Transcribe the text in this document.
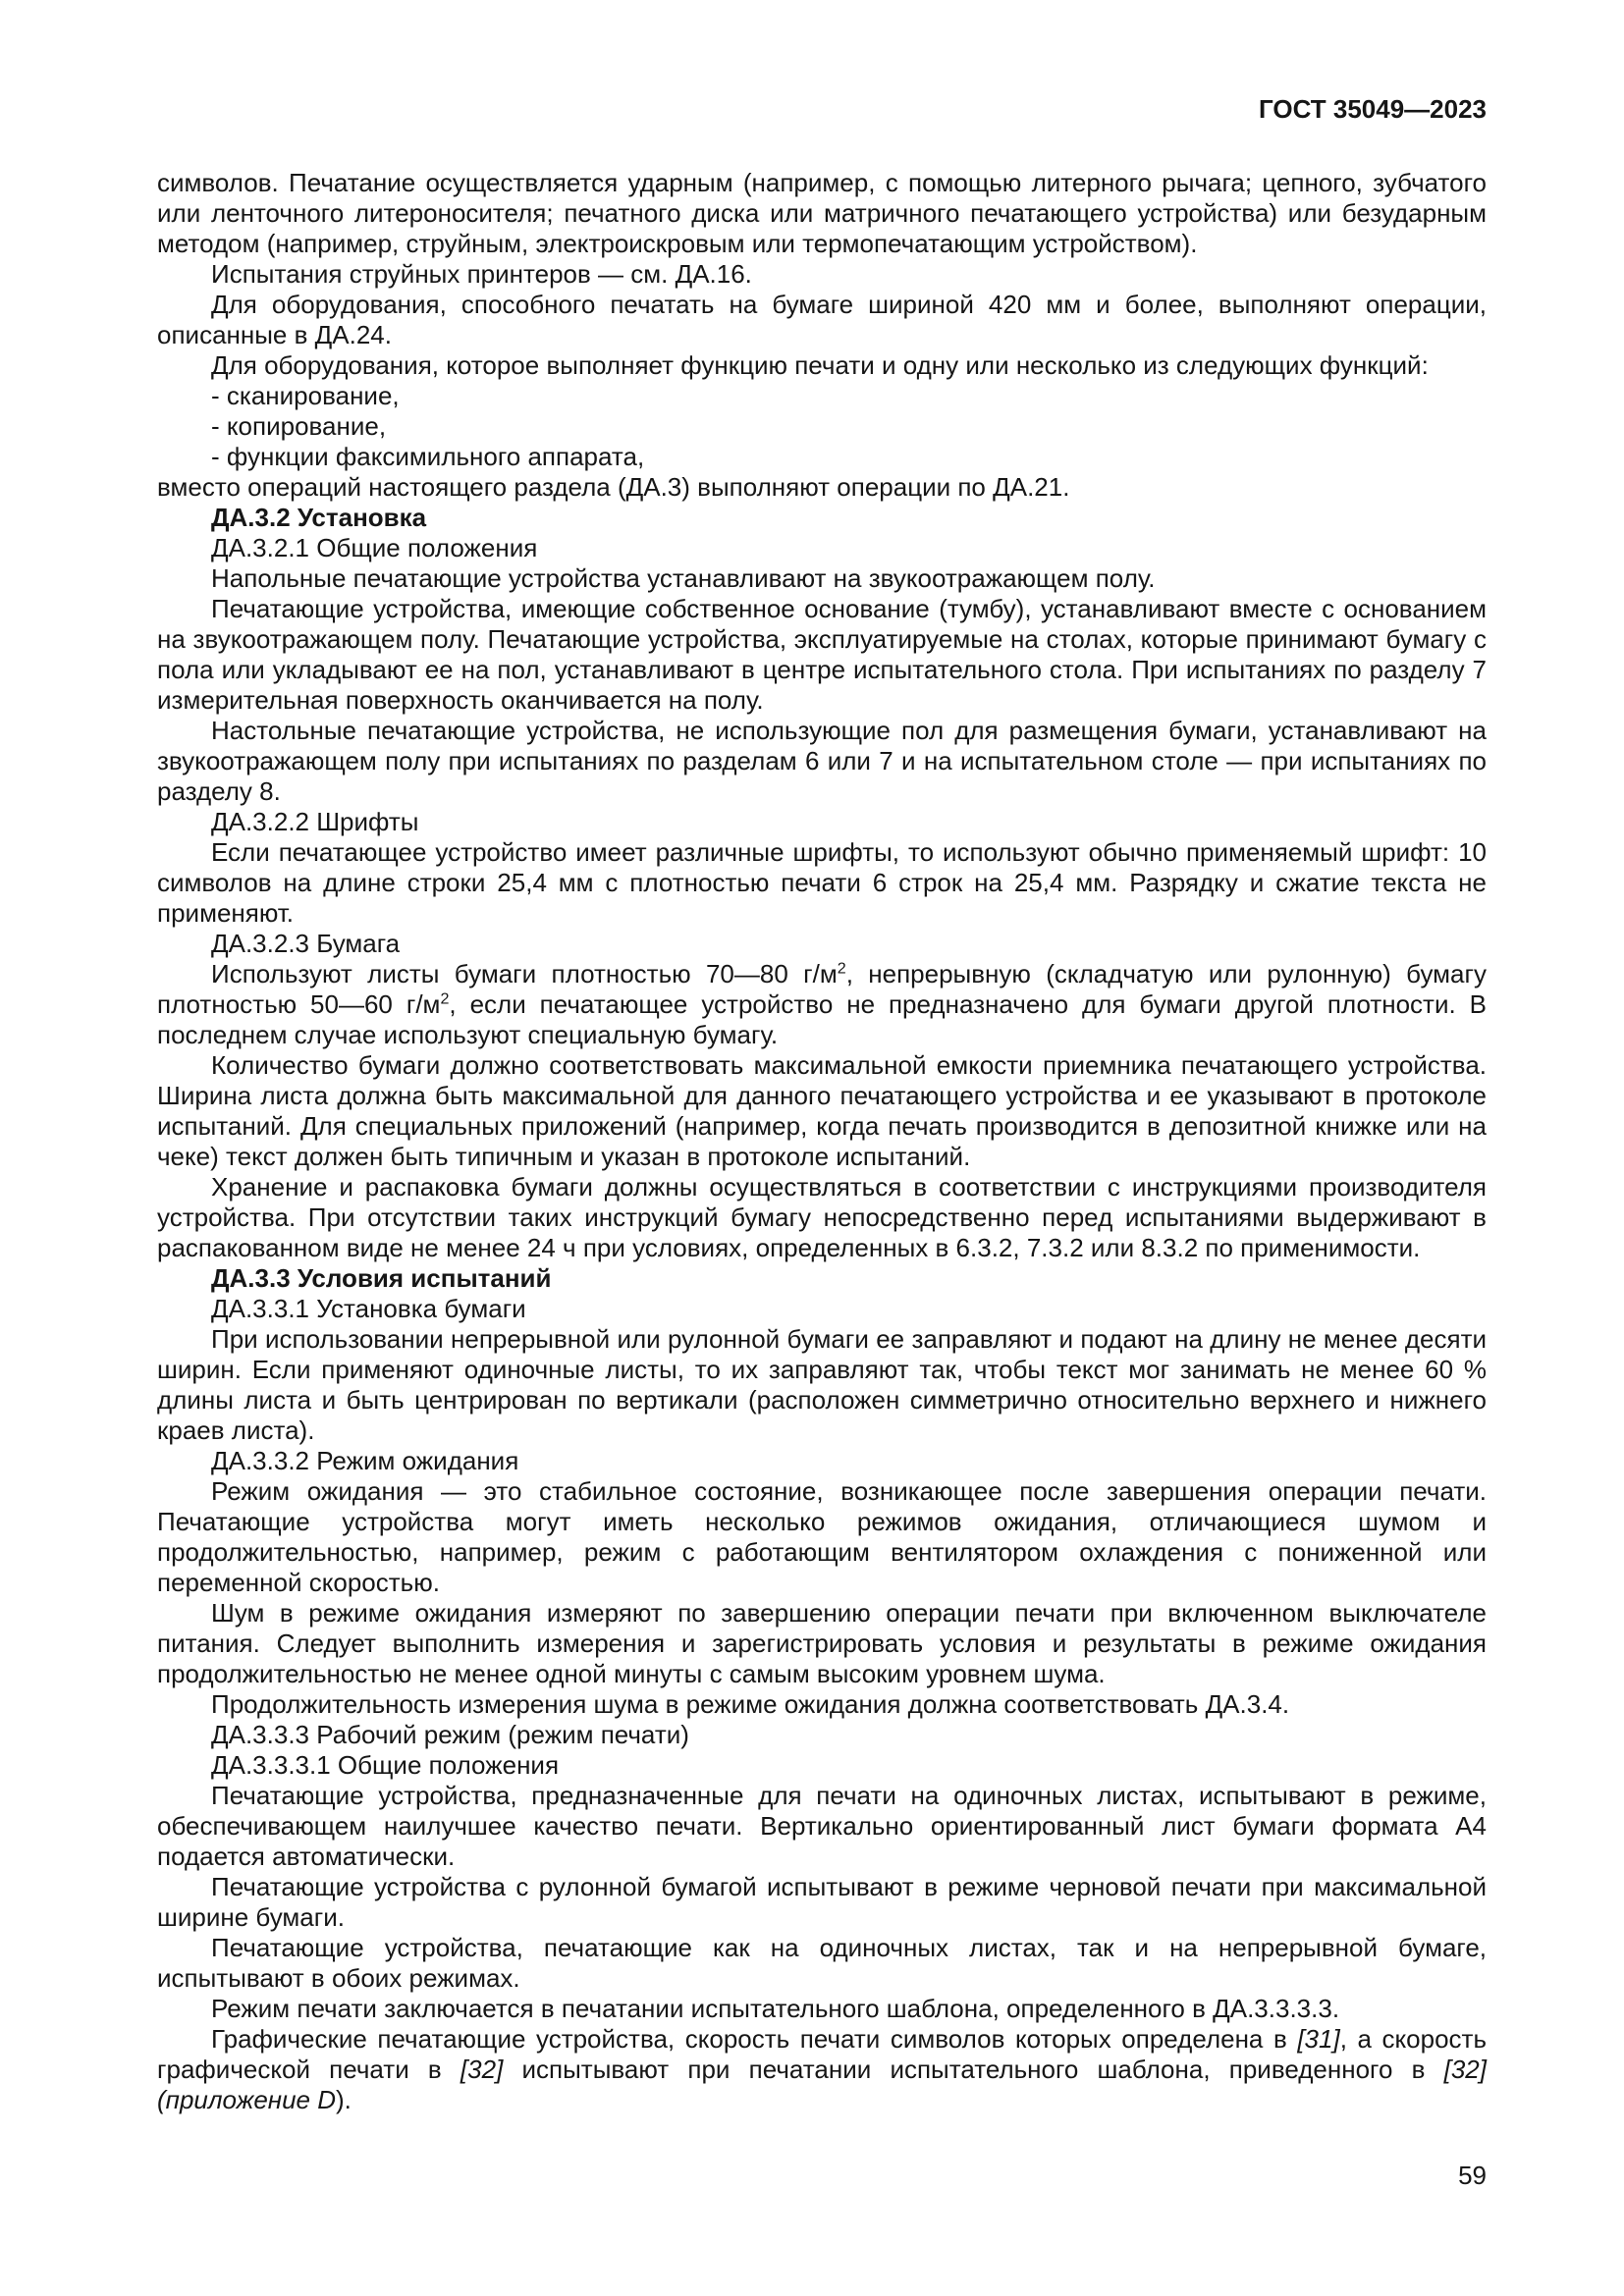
ГОСТ 35049—2023

символов. Печатание осуществляется ударным (например, с помощью литерного рычага; цепного, зубчатого или ленточного литероносителя; печатного диска или матричного печатающего устройства) или безударным методом (например, струйным, электроискровым или термопечатающим устройством).

Испытания струйных принтеров — см. ДА.16.

Для оборудования, способного печатать на бумаге шириной 420 мм и более, выполняют операции, описанные в ДА.24.

Для оборудования, которое выполняет функцию печати и одну или несколько из следующих функций:

- сканирование,

- копирование,

- функции факсимильного аппарата,

вместо операций настоящего раздела (ДА.3) выполняют операции по ДА.21.

ДА.3.2 Установка

ДА.3.2.1 Общие положения

Напольные печатающие устройства устанавливают на звукоотражающем полу.

Печатающие устройства, имеющие собственное основание (тумбу), устанавливают вместе с основанием на звукоотражающем полу. Печатающие устройства, эксплуатируемые на столах, которые принимают бумагу с пола или укладывают ее на пол, устанавливают в центре испытательного стола. При испытаниях по разделу 7 измерительная поверхность оканчивается на полу.

Настольные печатающие устройства, не использующие пол для размещения бумаги, устанавливают на звукоотражающем полу при испытаниях по разделам 6 или 7 и на испытательном столе — при испытаниях по разделу 8.

ДА.3.2.2 Шрифты

Если печатающее устройство имеет различные шрифты, то используют обычно применяемый шрифт: 10 символов на длине строки 25,4 мм с плотностью печати 6 строк на 25,4 мм. Разрядку и сжатие текста не применяют.

ДА.3.2.3 Бумага

Используют листы бумаги плотностью 70—80 $г/м^2$, непрерывную (складчатую или рулонную) бумагу плотностью 50—60 $г/м^2$, если печатающее устройство не предназначено для бумаги другой плотности. В последнем случае используют специальную бумагу.

Количество бумаги должно соответствовать максимальной емкости приемника печатающего устройства. Ширина листа должна быть максимальной для данного печатающего устройства и ее указывают в протоколе испытаний. Для специальных приложений (например, когда печать производится в депозитной книжке или на чеке) текст должен быть типичным и указан в протоколе испытаний.

Хранение и распаковка бумаги должны осуществляться в соответствии с инструкциями производителя устройства. При отсутствии таких инструкций бумагу непосредственно перед испытаниями выдерживают в распакованном виде не менее 24 ч при условиях, определенных в 6.3.2, 7.3.2 или 8.3.2 по применимости.

ДА.3.3 Условия испытаний

ДА.3.3.1 Установка бумаги

При использовании непрерывной или рулонной бумаги ее заправляют и подают на длину не менее десяти ширин. Если применяют одиночные листы, то их заправляют так, чтобы текст мог занимать не менее 60 % длины листа и быть центрирован по вертикали (расположен симметрично относительно верхнего и нижнего краев листа).

ДА.3.3.2 Режим ожидания

Режим ожидания — это стабильное состояние, возникающее после завершения операции печати. Печатающие устройства могут иметь несколько режимов ожидания, отличающиеся шумом и продолжительностью, например, режим с работающим вентилятором охлаждения с пониженной или переменной скоростью.

Шум в режиме ожидания измеряют по завершению операции печати при включенном выключателе питания. Следует выполнить измерения и зарегистрировать условия и результаты в режиме ожидания продолжительностью не менее одной минуты с самым высоким уровнем шума.

Продолжительность измерения шума в режиме ожидания должна соответствовать ДА.3.4.

ДА.3.3.3 Рабочий режим (режим печати)

ДА.3.3.3.1 Общие положения

Печатающие устройства, предназначенные для печати на одиночных листах, испытывают в режиме, обеспечивающем наилучшее качество печати. Вертикально ориентированный лист бумаги формата А4 подается автоматически.

Печатающие устройства с рулонной бумагой испытывают в режиме черновой печати при максимальной ширине бумаги.

Печатающие устройства, печатающие как на одиночных листах, так и на непрерывной бумаге, испытывают в обоих режимах.

Режим печати заключается в печатании испытательного шаблона, определенного в ДА.3.3.3.3.

Графические печатающие устройства, скорость печати символов которых определена в [31], а скорость графической печати в [32] испытывают при печатании испытательного шаблона, приведенного в [32] (приложение D).

59
